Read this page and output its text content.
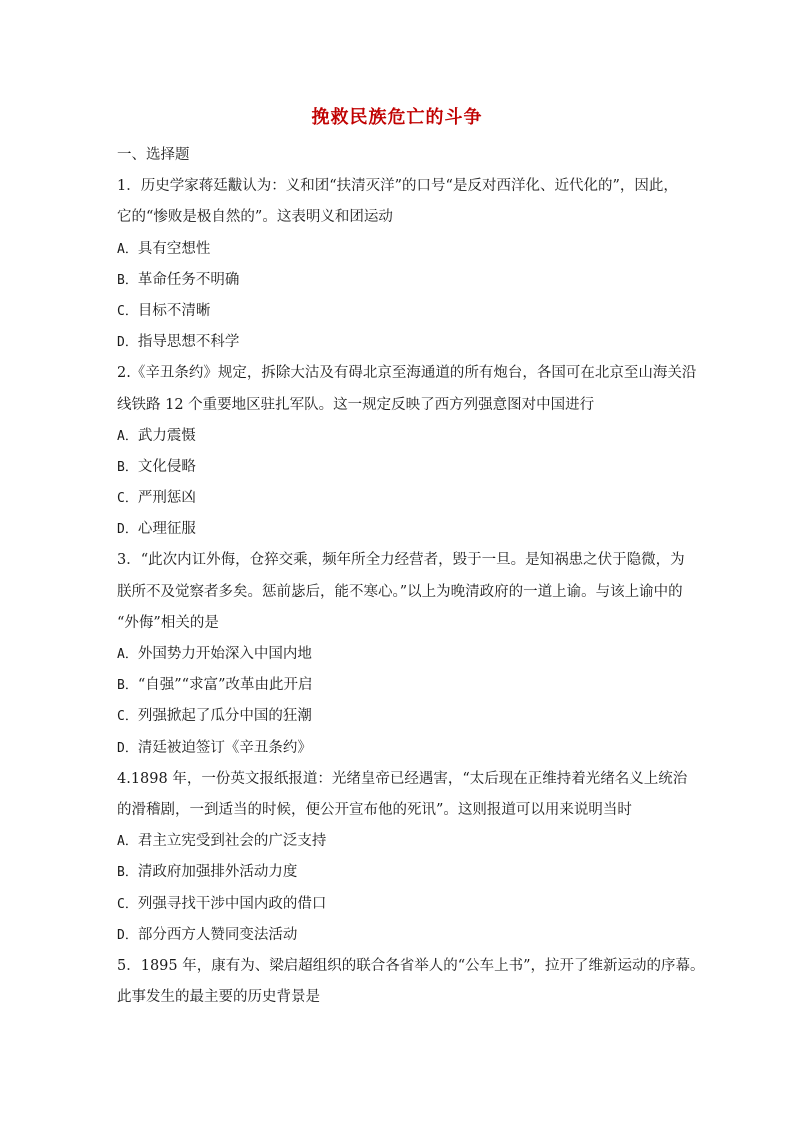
挽救民族危亡的斗争
一、选择题
1．历史学家蒋廷黻认为：义和团“扶清灭洋”的口号“是反对西洋化、近代化的”，因此，
它的“惨败是极自然的”。这表明义和团运动
A．具有空想性
B．革命任务不明确
C．目标不清晰
D．指导思想不科学
2.《辛丑条约》规定，拆除大沽及有碍北京至海通道的所有炮台，各国可在北京至山海关沿
线铁路 12 个重要地区驻扎军队。这一规定反映了西方列强意图对中国进行
A．武力震慑
B．文化侵略
C．严刑惩凶
D．心理征服
3．“此次内讧外侮，仓猝交乘，频年所全力经营者，毁于一旦。是知祸患之伏于隐微，为
朕所不及觉察者多矣。惩前毖后，能不寒心。”以上为晚清政府的一道上谕。与该上谕中的
“外侮”相关的是
A．外国势力开始深入中国内地
B．“自强”“求富”改革由此开启
C．列强掀起了瓜分中国的狂潮
D．清廷被迫签订《辛丑条约》
4.1898 年，一份英文报纸报道：光绪皇帝已经遇害，“太后现在正维持着光绪名义上统治
的滑稽剧，一到适当的时候，便公开宣布他的死讯”。这则报道可以用来说明当时
A．君主立宪受到社会的广泛支持
B．清政府加强排外活动力度
C．列强寻找干涉中国内政的借口
D．部分西方人赞同变法活动
5．1895 年，康有为、梁启超组织的联合各省举人的“公车上书”，拉开了维新运动的序幕。
此事发生的最主要的历史背景是
